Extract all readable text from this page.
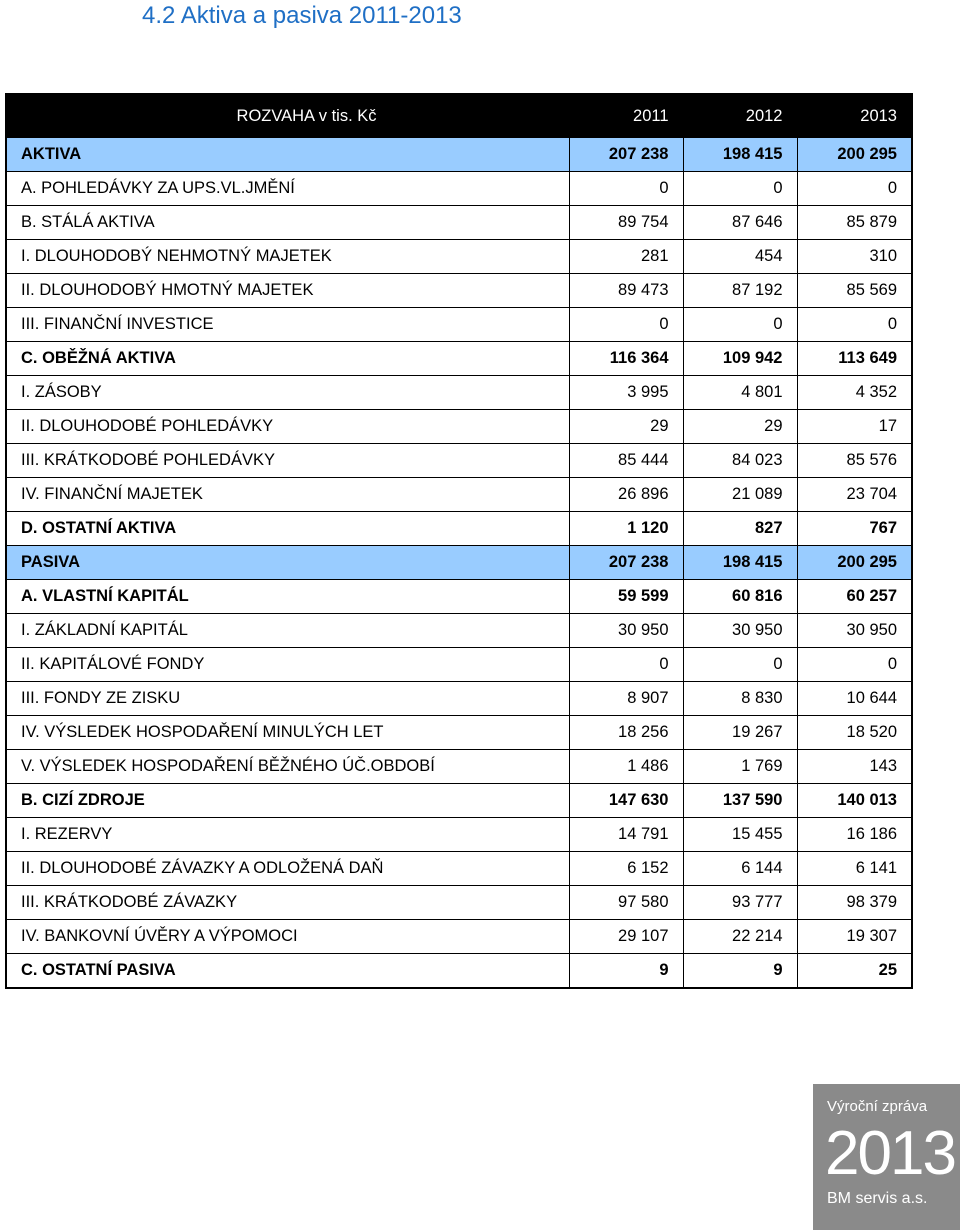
4.2 Aktiva a pasiva 2011-2013
ROZVAHA v tis. Kč	2011	2012	2013
AKTIVA	207 238	198 415	200 295
A. POHLEDÁVKY ZA UPS.VL.JMĚNÍ	0	0	0
B. STÁLÁ AKTIVA	89 754	87 646	85 879
I. DLOUHODOBÝ NEHMOTNÝ MAJETEK	281	454	310
II. DLOUHODOBÝ HMOTNÝ MAJETEK	89 473	87 192	85 569
III. FINANČNÍ INVESTICE	0	0	0
C. OBĚŽNÁ AKTIVA	116 364	109 942	113 649
I. ZÁSOBY	3 995	4 801	4 352
II. DLOUHODOBÉ POHLEDÁVKY	29	29	17
III. KRÁTKODOBÉ POHLEDÁVKY	85 444	84 023	85 576
IV. FINANČNÍ MAJETEK	26 896	21 089	23 704
D. OSTATNÍ AKTIVA	1 120	827	767
PASIVA	207 238	198 415	200 295
A. VLASTNÍ KAPITÁL	59 599	60 816	60 257
I. ZÁKLADNÍ KAPITÁL	30 950	30 950	30 950
II. KAPITÁLOVÉ FONDY	0	0	0
III. FONDY ZE ZISKU	8 907	8 830	10 644
IV. VÝSLEDEK HOSPODAŘENÍ MINULÝCH LET	18 256	19 267	18 520
V. VÝSLEDEK HOSPODAŘENÍ BĚŽNÉHO ÚČ.OBDOBÍ	1 486	1 769	143
B. CIZÍ ZDROJE	147 630	137 590	140 013
I. REZERVY	14 791	15 455	16 186
II. DLOUHODOBÉ ZÁVAZKY A ODLOŽENÁ DAŇ	6 152	6 144	6 141
III. KRÁTKODOBÉ ZÁVAZKY	97 580	93 777	98 379
IV. BANKOVNÍ ÚVĚRY A VÝPOMOCI	29 107	22 214	19 307
C. OSTATNÍ PASIVA	9	9	25
Výroční zpráva
2013
BM servis a.s.
